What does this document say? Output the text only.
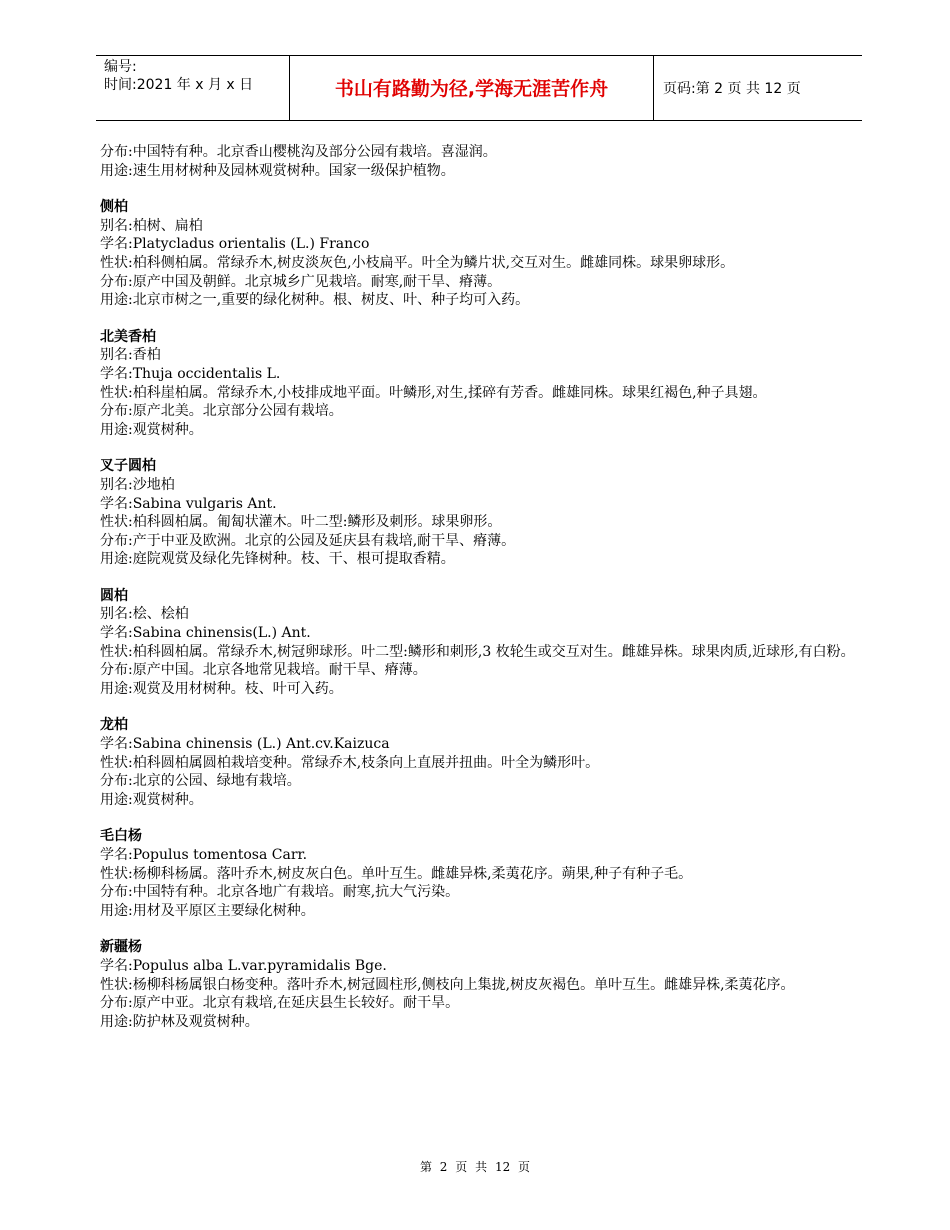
编号:
时间:2021 年 x 月 x 日	书山有路勤为径,学海无涯苦作舟	页码:第 2 页 共 12 页
分布:中国特有种。北京香山樱桃沟及部分公园有栽培。喜湿润。
用途:速生用材树种及园林观赏树种。国家一级保护植物。
侧柏
别名:柏树、扁柏
学名:Platycladus orientalis (L.) Franco
性状:柏科侧柏属。常绿乔木,树皮淡灰色,小枝扁平。叶全为鳞片状,交互对生。雌雄同株。球果卵球形。
分布:原产中国及朝鲜。北京城乡广见栽培。耐寒,耐干旱、瘠薄。
用途:北京市树之一,重要的绿化树种。根、树皮、叶、种子均可入药。
北美香柏
别名:香柏
学名:Thuja occidentalis L.
性状:柏科崖柏属。常绿乔木,小枝排成地平面。叶鳞形,对生,揉碎有芳香。雌雄同株。球果红褐色,种子具翅。
分布:原产北美。北京部分公园有栽培。
用途:观赏树种。
叉子圆柏
别名:沙地柏
学名:Sabina vulgaris Ant.
性状:柏科圆柏属。匍匐状灌木。叶二型:鳞形及刺形。球果卵形。
分布:产于中亚及欧洲。北京的公园及延庆县有栽培,耐干旱、瘠薄。
用途:庭院观赏及绿化先锋树种。枝、干、根可提取香精。
圆柏
别名:桧、桧柏
学名:Sabina chinensis(L.) Ant.
性状:柏科圆柏属。常绿乔木,树冠卵球形。叶二型:鳞形和刺形,3 枚轮生或交互对生。雌雄异株。球果肉质,近球形,有白粉。
分布:原产中国。北京各地常见栽培。耐干旱、瘠薄。
用途:观赏及用材树种。枝、叶可入药。
龙柏
学名:Sabina chinensis (L.) Ant.cv.Kaizuca
性状:柏科圆柏属圆柏栽培变种。常绿乔木,枝条向上直展并扭曲。叶全为鳞形叶。
分布:北京的公园、绿地有栽培。
用途:观赏树种。
毛白杨
学名:Populus tomentosa Carr.
性状:杨柳科杨属。落叶乔木,树皮灰白色。单叶互生。雌雄异株,柔荑花序。蒴果,种子有种子毛。
分布:中国特有种。北京各地广有栽培。耐寒,抗大气污染。
用途:用材及平原区主要绿化树种。
新疆杨
学名:Populus alba L.var.pyramidalis Bge.
性状:杨柳科杨属银白杨变种。落叶乔木,树冠圆柱形,侧枝向上集拢,树皮灰褐色。单叶互生。雌雄异株,柔荑花序。
分布:原产中亚。北京有栽培,在延庆县生长较好。耐干旱。
用途:防护林及观赏树种。
第 2 页 共 12 页
